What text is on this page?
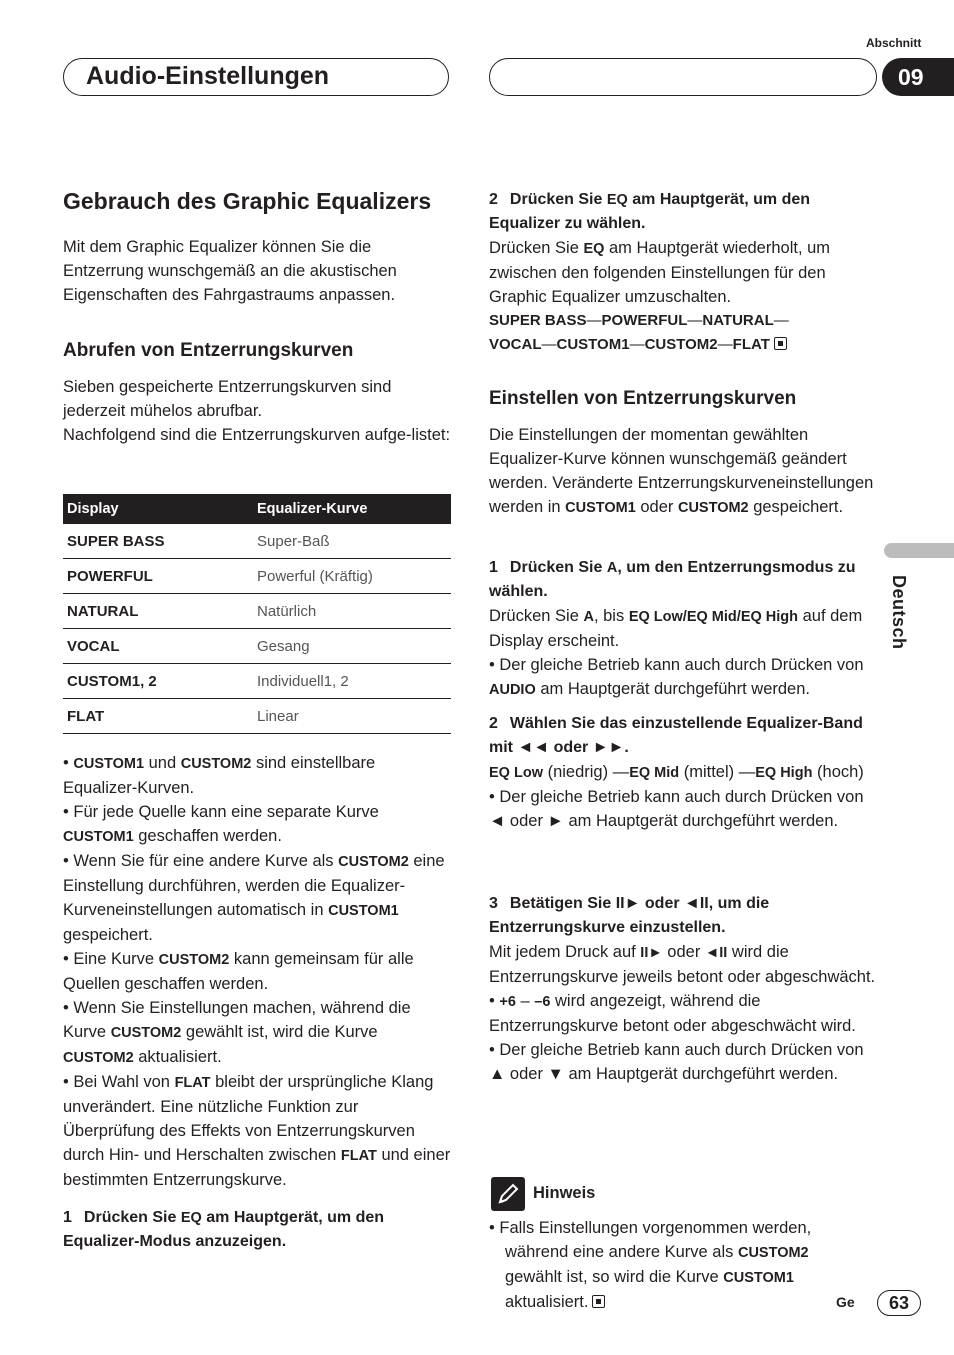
Abschnitt
Audio-Einstellungen	09
Deutsch
Gebrauch des Graphic Equalizers
Mit dem Graphic Equalizer können Sie die Entzerrung wunschgemäß an die akustischen Eigenschaften des Fahrgastraums anpassen.
Abrufen von Entzerrungskurven
Sieben gespeicherte Entzerrungskurven sind jederzeit mühelos abrufbar.
Nachfolgend sind die Entzerrungskurven aufge-listet:
Display	Equalizer-Kurve
SUPER BASS	Super-Baß
POWERFUL	Powerful (Kräftig)
NATURAL	Natürlich
VOCAL	Gesang
CUSTOM1, 2	Individuell1, 2
FLAT	Linear
• CUSTOM1 und CUSTOM2 sind einstellbare Equalizer-Kurven.
• Für jede Quelle kann eine separate Kurve CUSTOM1 geschaffen werden.
• Wenn Sie für eine andere Kurve als CUSTOM2 eine Einstellung durchführen, werden die Equalizer-Kurveneinstellungen automatisch in CUSTOM1 gespeichert.
• Eine Kurve CUSTOM2 kann gemeinsam für alle Quellen geschaffen werden.
• Wenn Sie Einstellungen machen, während die Kurve CUSTOM2 gewählt ist, wird die Kurve CUSTOM2 aktualisiert.
• Bei Wahl von FLAT bleibt der ursprüngliche Klang unverändert. Eine nützliche Funktion zur Überprüfung des Effekts von Entzerrungskurven durch Hin- und Herschalten zwischen FLAT und einer bestimmten Entzerrungskurve.
1 Drücken Sie EQ am Hauptgerät, um den Equalizer-Modus anzuzeigen.
2 Drücken Sie EQ am Hauptgerät, um den Equalizer zu wählen.
Drücken Sie EQ am Hauptgerät wiederholt, um zwischen den folgenden Einstellungen für den Graphic Equalizer umzuschalten.
SUPER BASS—POWERFUL—NATURAL—
VOCAL—CUSTOM1—CUSTOM2—FLAT
Einstellen von Entzerrungskurven
Die Einstellungen der momentan gewählten Equalizer-Kurve können wunschgemäß geändert werden. Veränderte Entzerrungskurveneinstellungen werden in CUSTOM1 oder CUSTOM2 gespeichert.
1 Drücken Sie A, um den Entzerrungsmodus zu wählen.
Drücken Sie A, bis EQ Low/EQ Mid/EQ High auf dem Display erscheint.
• Der gleiche Betrieb kann auch durch Drücken von AUDIO am Hauptgerät durchgeführt werden.
2 Wählen Sie das einzustellende Equalizer-Band mit ◄◄ oder ►►.
EQ Low (niedrig) —EQ Mid (mittel) —EQ High (hoch)
• Der gleiche Betrieb kann auch durch Drücken von ◄ oder ► am Hauptgerät durchgeführt werden.
3 Betätigen Sie II► oder ◄II, um die Entzerrungskurve einzustellen.
Mit jedem Druck auf II► oder ◄II wird die Entzerrungskurve jeweils betont oder abgeschwächt.
• +6 – –6 wird angezeigt, während die Entzerrungskurve betont oder abgeschwächt wird.
• Der gleiche Betrieb kann auch durch Drücken von ▲ oder ▼ am Hauptgerät durchgeführt werden.
Hinweis
• Falls Einstellungen vorgenommen werden, während eine andere Kurve als CUSTOM2 gewählt ist, so wird die Kurve CUSTOM1 aktualisiert.	Ge	63
